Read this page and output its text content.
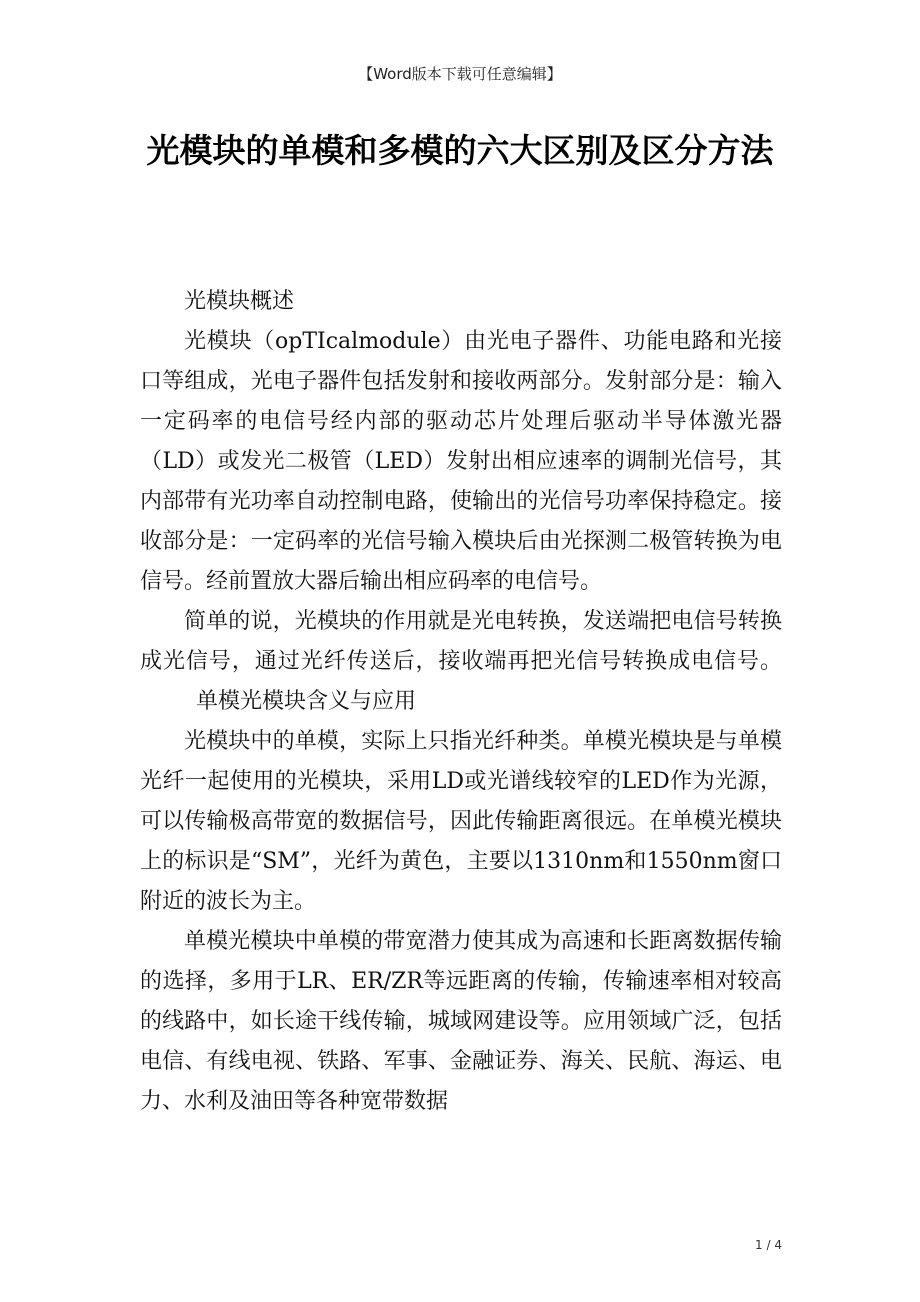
【Word版本下载可任意编辑】
光模块的单模和多模的六大区别及区分方法

光模块概述

光模块（opTIcalmodule）由光电子器件、功能电路和光接口等组成，光电子器件包括发射和接收两部分。发射部分是：输入一定码率的电信号经内部的驱动芯片处理后驱动半导体激光器（LD）或发光二极管（LED）发射出相应速率的调制光信号，其内部带有光功率自动控制电路，使输出的光信号功率保持稳定。接收部分是：一定码率的光信号输入模块后由光探测二极管转换为电信号。经前置放大器后输出相应码率的电信号。

简单的说，光模块的作用就是光电转换，发送端把电信号转换成光信号，通过光纤传送后，接收端再把光信号转换成电信号。单模光模块含义与应用

光模块中的单模，实际上只指光纤种类。单模光模块是与单模光纤一起使用的光模块，采用LD或光谱线较窄的LED作为光源，可以传输极高带宽的数据信号，因此传输距离很远。在单模光模块上的标识是“SM”，光纤为黄色，主要以1310nm和1550nm窗口附近的波长为主。

单模光模块中单模的带宽潜力使其成为高速和长距离数据传输的选择，多用于LR、ER/ZR等远距离的传输，传输速率相对较高的线路中，如长途干线传输，城域网建设等。应用领域广泛，包括电信、有线电视、铁路、军事、金融证券、海关、民航、海运、电力、水利及油田等各种宽带数据

1 / 4
